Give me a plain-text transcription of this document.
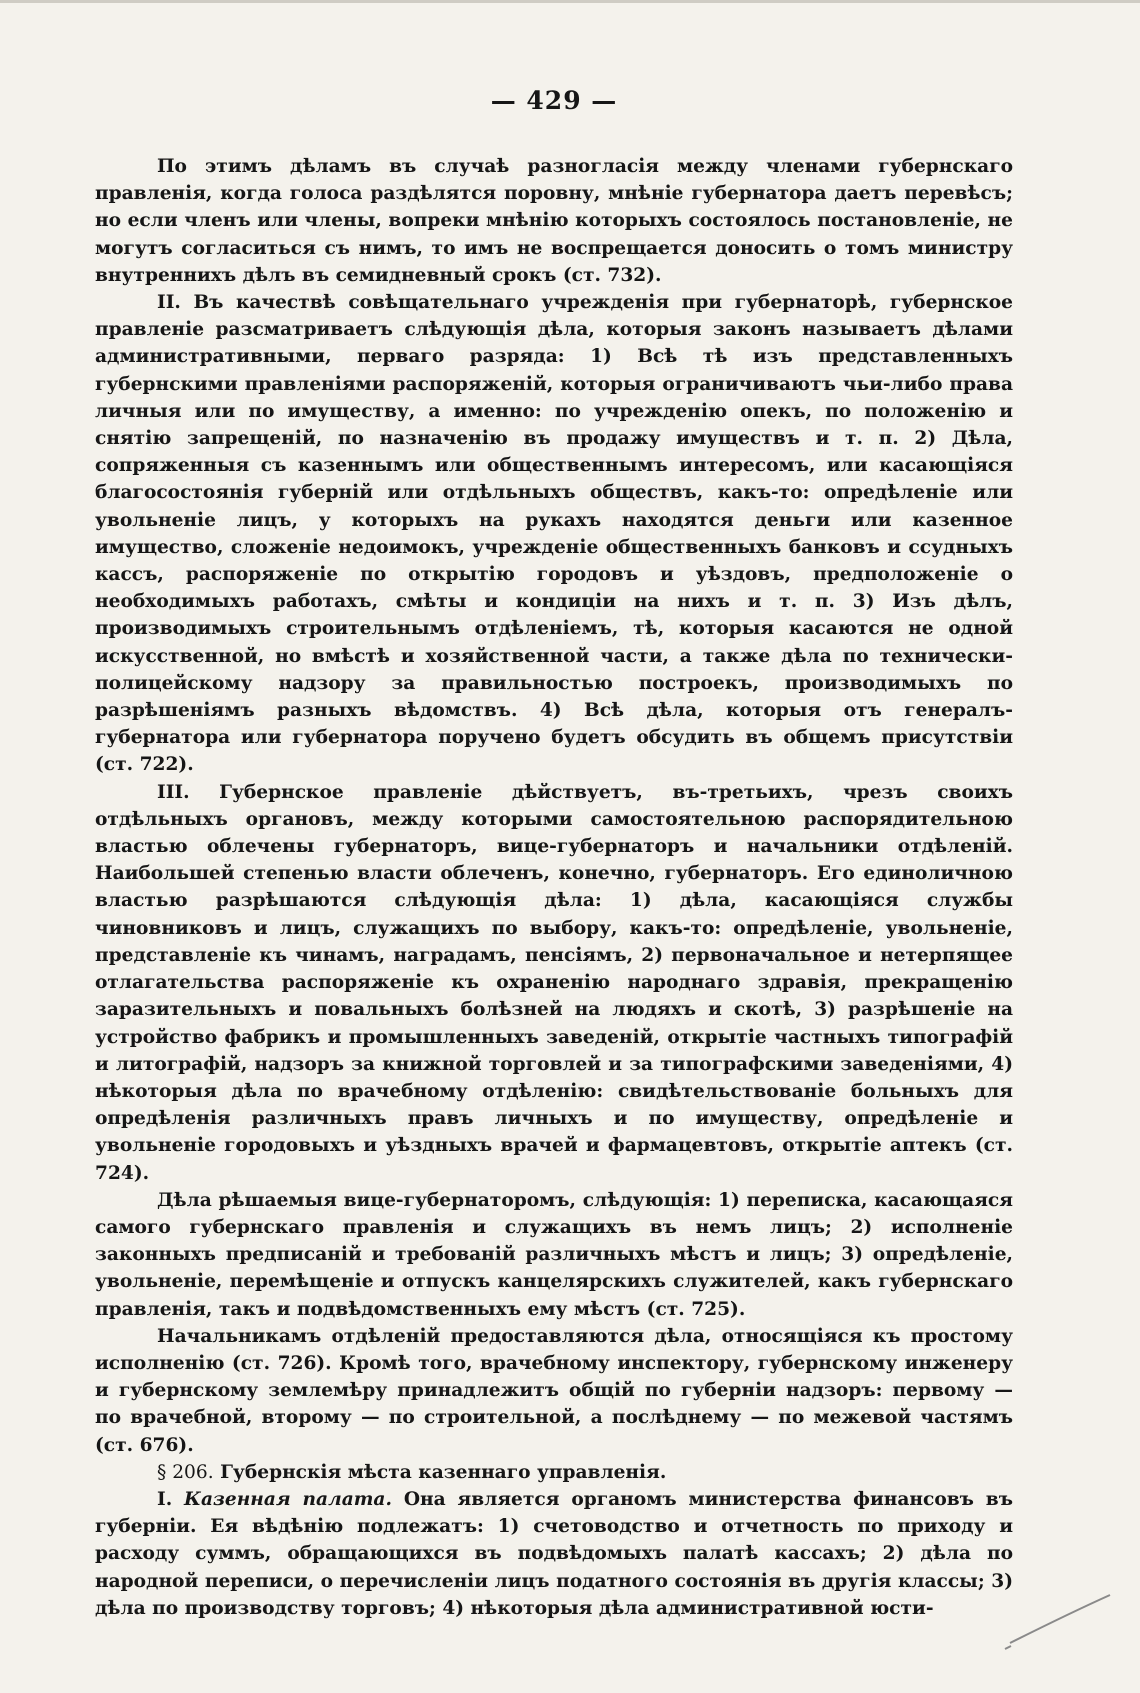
— 429 —

По этимъ дѣламъ въ случаѣ разногласія между членами губернскаго правленія, когда голоса раздѣлятся поровну, мнѣніе губернатора даетъ перевѣсъ; но если членъ или члены, вопреки мнѣнію которыхъ состоялось постановленіе, не могутъ согласиться съ нимъ, то имъ не воспрещается доносить о томъ министру внутреннихъ дѣлъ въ семидневный срокъ (ст. 732).

II. Въ качествѣ совѣщательнаго учрежденія при губернаторѣ, губернское правленіе разсматриваетъ слѣдующія дѣла, которыя законъ называетъ дѣлами административными, перваго разряда: 1) Всѣ тѣ изъ представленныхъ губернскими правленіями распоряженій, которыя ограничиваютъ чьи-либо права личныя или по имуществу, а именно: по учрежденію опекъ, по положенію и снятію запрещеній, по назначенію въ продажу имуществъ и т. п. 2) Дѣла, сопряженныя съ казеннымъ или общественнымъ интересомъ, или касающіяся благосостоянія губерній или отдѣльныхъ обществъ, какъ-то: опредѣленіе или увольненіе лицъ, у которыхъ на рукахъ находятся деньги или казенное имущество, сложеніе недоимокъ, учрежденіе общественныхъ банковъ и ссудныхъ кассъ, распоряженіе по открытію городовъ и уѣздовъ, предположеніе о необходимыхъ работахъ, смѣты и кондиціи на нихъ и т. п. 3) Изъ дѣлъ, производимыхъ строительнымъ отдѣленіемъ, тѣ, которыя касаются не одной искусственной, но вмѣстѣ и хозяйственной части, а также дѣла по технически-полицейскому надзору за правильностью построекъ, производимыхъ по разрѣшеніямъ разныхъ вѣдомствъ. 4) Всѣ дѣла, которыя отъ генералъ-губернатора или губернатора поручено будетъ обсудить въ общемъ присутствіи (ст. 722).

III. Губернское правленіе дѣйствуетъ, въ-третьихъ, чрезъ своихъ отдѣльныхъ органовъ, между которыми самостоятельною распорядительною властью облечены губернаторъ, вице-губернаторъ и начальники отдѣленій. Наибольшей степенью власти облеченъ, конечно, губернаторъ. Его единоличною властью разрѣшаются слѣдующія дѣла: 1) дѣла, касающіяся службы чиновниковъ и лицъ, служащихъ по выбору, какъ-то: опредѣленіе, увольненіе, представленіе къ чинамъ, наградамъ, пенсіямъ, 2) первоначальное и нетерпящее отлагательства распоряженіе къ охраненію народнаго здравія, прекращенію заразительныхъ и повальныхъ болѣзней на людяхъ и скотѣ, 3) разрѣшеніе на устройство фабрикъ и промышленныхъ заведеній, открытіе частныхъ типографій и литографій, надзоръ за книжной торговлей и за типографскими заведеніями, 4) нѣкоторыя дѣла по врачебному отдѣленію: свидѣтельствованіе больныхъ для опредѣленія различныхъ правъ личныхъ и по имуществу, опредѣленіе и увольненіе городовыхъ и уѣздныхъ врачей и фармацевтовъ, открытіе аптекъ (ст. 724).

Дѣла рѣшаемыя вице-губернаторомъ, слѣдующія: 1) переписка, касающаяся самого губернскаго правленія и служащихъ въ немъ лицъ; 2) исполненіе законныхъ предписаній и требованій различныхъ мѣстъ и лицъ; 3) опредѣленіе, увольненіе, перемѣщеніе и отпускъ канцелярскихъ служителей, какъ губернскаго правленія, такъ и подвѣдомственныхъ ему мѣстъ (ст. 725).

Начальникамъ отдѣленій предоставляются дѣла, относящіяся къ простому исполненію (ст. 726). Кромѣ того, врачебному инспектору, губернскому инженеру и губернскому землемѣру принадлежитъ общій по губерніи надзоръ: первому — по врачебной, второму — по строительной, а послѣднему — по межевой частямъ (ст. 676).

§ 206. Губернскія мѣста казеннаго управленія.

I. Казенная палата. Она является органомъ министерства финансовъ въ губерніи. Ея вѣдѣнію подлежатъ: 1) счетоводство и отчетность по приходу и расходу суммъ, обращающихся въ подвѣдомыхъ палатѣ кассахъ; 2) дѣла по народной переписи, о перечисленіи лицъ податного состоянія въ другія классы; 3) дѣла по производству торговъ; 4) нѣкоторыя дѣла административной юсти-
